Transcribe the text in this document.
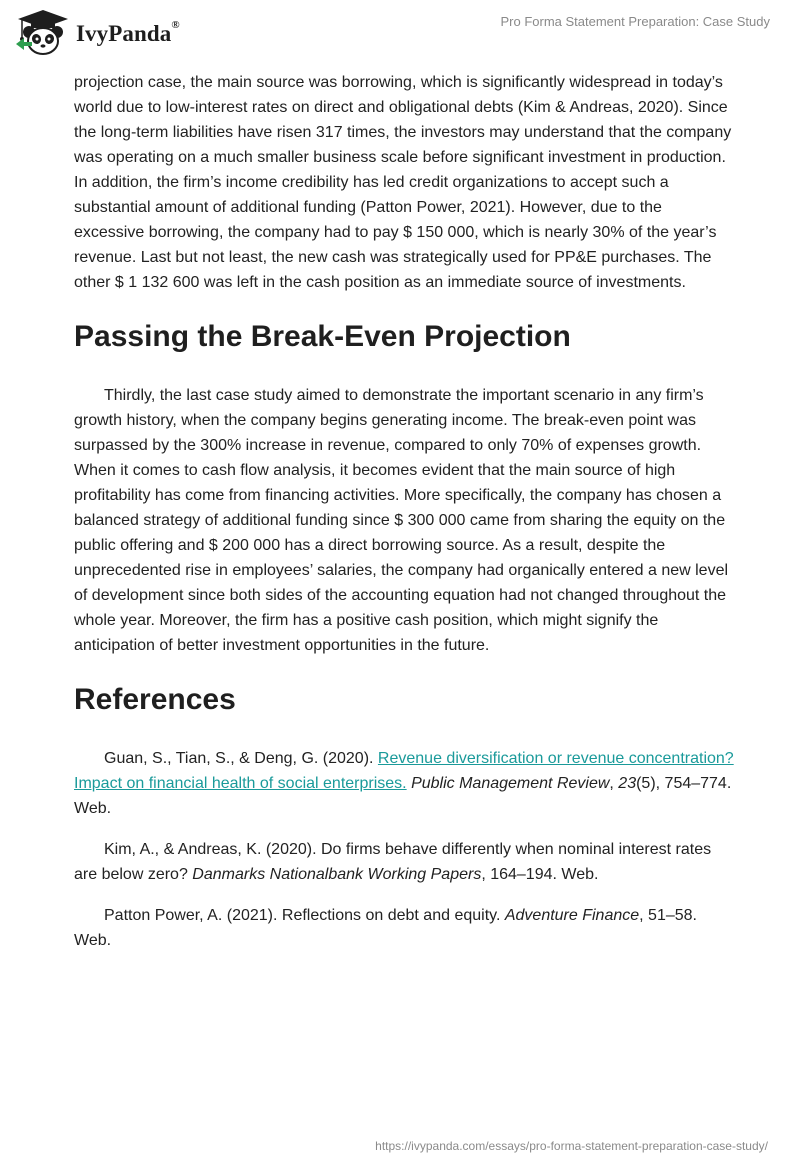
IvyPanda®	Pro Forma Statement Preparation: Case Study

projection case, the main source was borrowing, which is significantly widespread in today’s world due to low-interest rates on direct and obligational debts (Kim & Andreas, 2020). Since the long-term liabilities have risen 317 times, the investors may understand that the company was operating on a much smaller business scale before significant investment in production. In addition, the firm’s income credibility has led credit organizations to accept such a substantial amount of additional funding (Patton Power, 2021). However, due to the excessive borrowing, the company had to pay $ 150 000, which is nearly 30% of the year’s revenue. Last but not least, the new cash was strategically used for PP&E purchases. The other $ 1 132 600 was left in the cash position as an immediate source of investments.

Passing the Break-Even Projection

Thirdly, the last case study aimed to demonstrate the important scenario in any firm’s growth history, when the company begins generating income. The break-even point was surpassed by the 300% increase in revenue, compared to only 70% of expenses growth. When it comes to cash flow analysis, it becomes evident that the main source of high profitability has come from financing activities. More specifically, the company has chosen a balanced strategy of additional funding since $ 300 000 came from sharing the equity on the public offering and $ 200 000 has a direct borrowing source. As a result, despite the unprecedented rise in employees’ salaries, the company had organically entered a new level of development since both sides of the accounting equation had not changed throughout the whole year. Moreover, the firm has a positive cash position, which might signify the anticipation of better investment opportunities in the future.

References

Guan, S., Tian, S., & Deng, G. (2020). Revenue diversification or revenue concentration? Impact on financial health of social enterprises. Public Management Review, 23(5), 754–774. Web.

Kim, A., & Andreas, K. (2020). Do firms behave differently when nominal interest rates are below zero? Danmarks Nationalbank Working Papers, 164–194. Web.

Patton Power, A. (2021). Reflections on debt and equity. Adventure Finance, 51–58. Web.

https://ivypanda.com/essays/pro-forma-statement-preparation-case-study/
